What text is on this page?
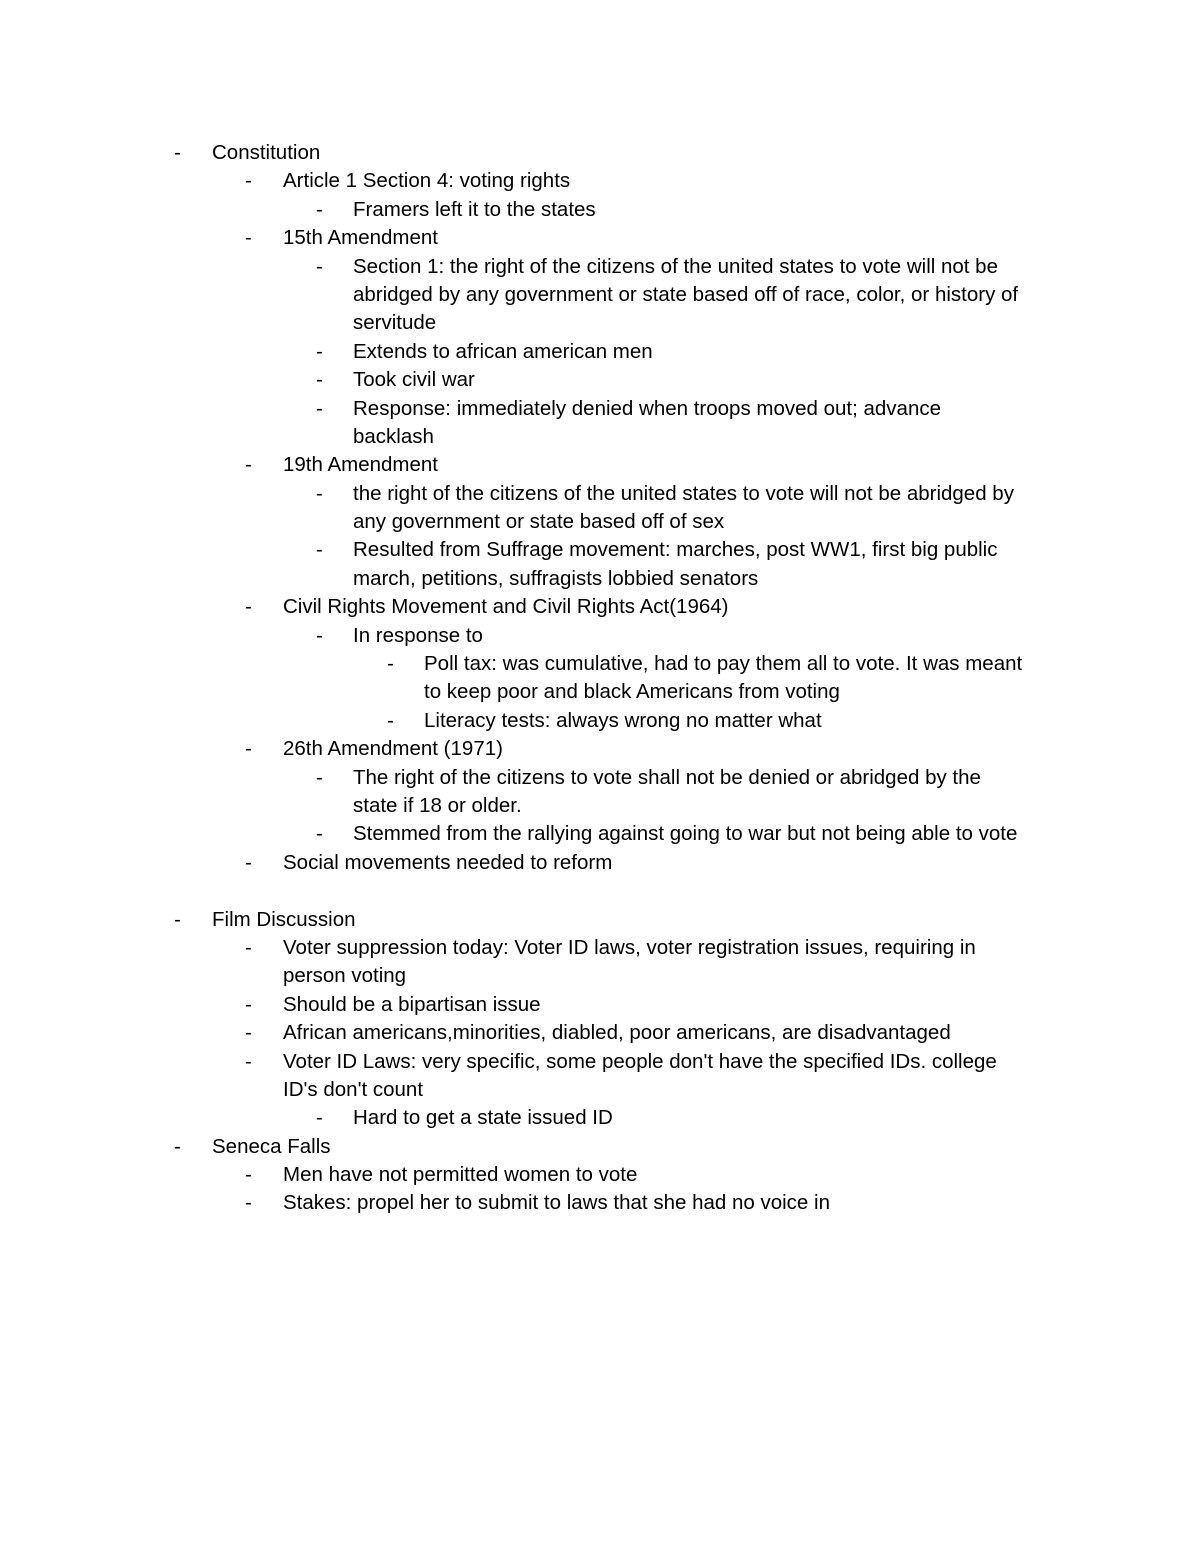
- Constitution
- Article 1 Section 4: voting rights
- Framers left it to the states
- 15th Amendment
- Section 1: the right of the citizens of the united states to vote will not be
abridged by any government or state based off of race, color, or history of
servitude
- Extends to african american men
- Took civil war
- Response: immediately denied when troops moved out; advance
backlash
- 19th Amendment
- the right of the citizens of the united states to vote will not be abridged by
any government or state based off of sex
- Resulted from Suffrage movement: marches, post WW1, first big public
march, petitions, suffragists lobbied senators
- Civil Rights Movement and Civil Rights Act(1964)
- In response to
- Poll tax: was cumulative, had to pay them all to vote. It was meant
to keep poor and black Americans from voting
- Literacy tests: always wrong no matter what
- 26th Amendment (1971)
- The right of the citizens to vote shall not be denied or abridged by the
state if 18 or older.
- Stemmed from the rallying against going to war but not being able to vote
- Social movements needed to reform
- Film Discussion
- Voter suppression today: Voter ID laws, voter registration issues, requiring in
person voting
- Should be a bipartisan issue
- African americans,minorities, diabled, poor americans, are disadvantaged
- Voter ID Laws: very specific, some people don't have the specified IDs. college
ID's don't count
- Hard to get a state issued ID
- Seneca Falls
- Men have not permitted women to vote
- Stakes: propel her to submit to laws that she had no voice in
